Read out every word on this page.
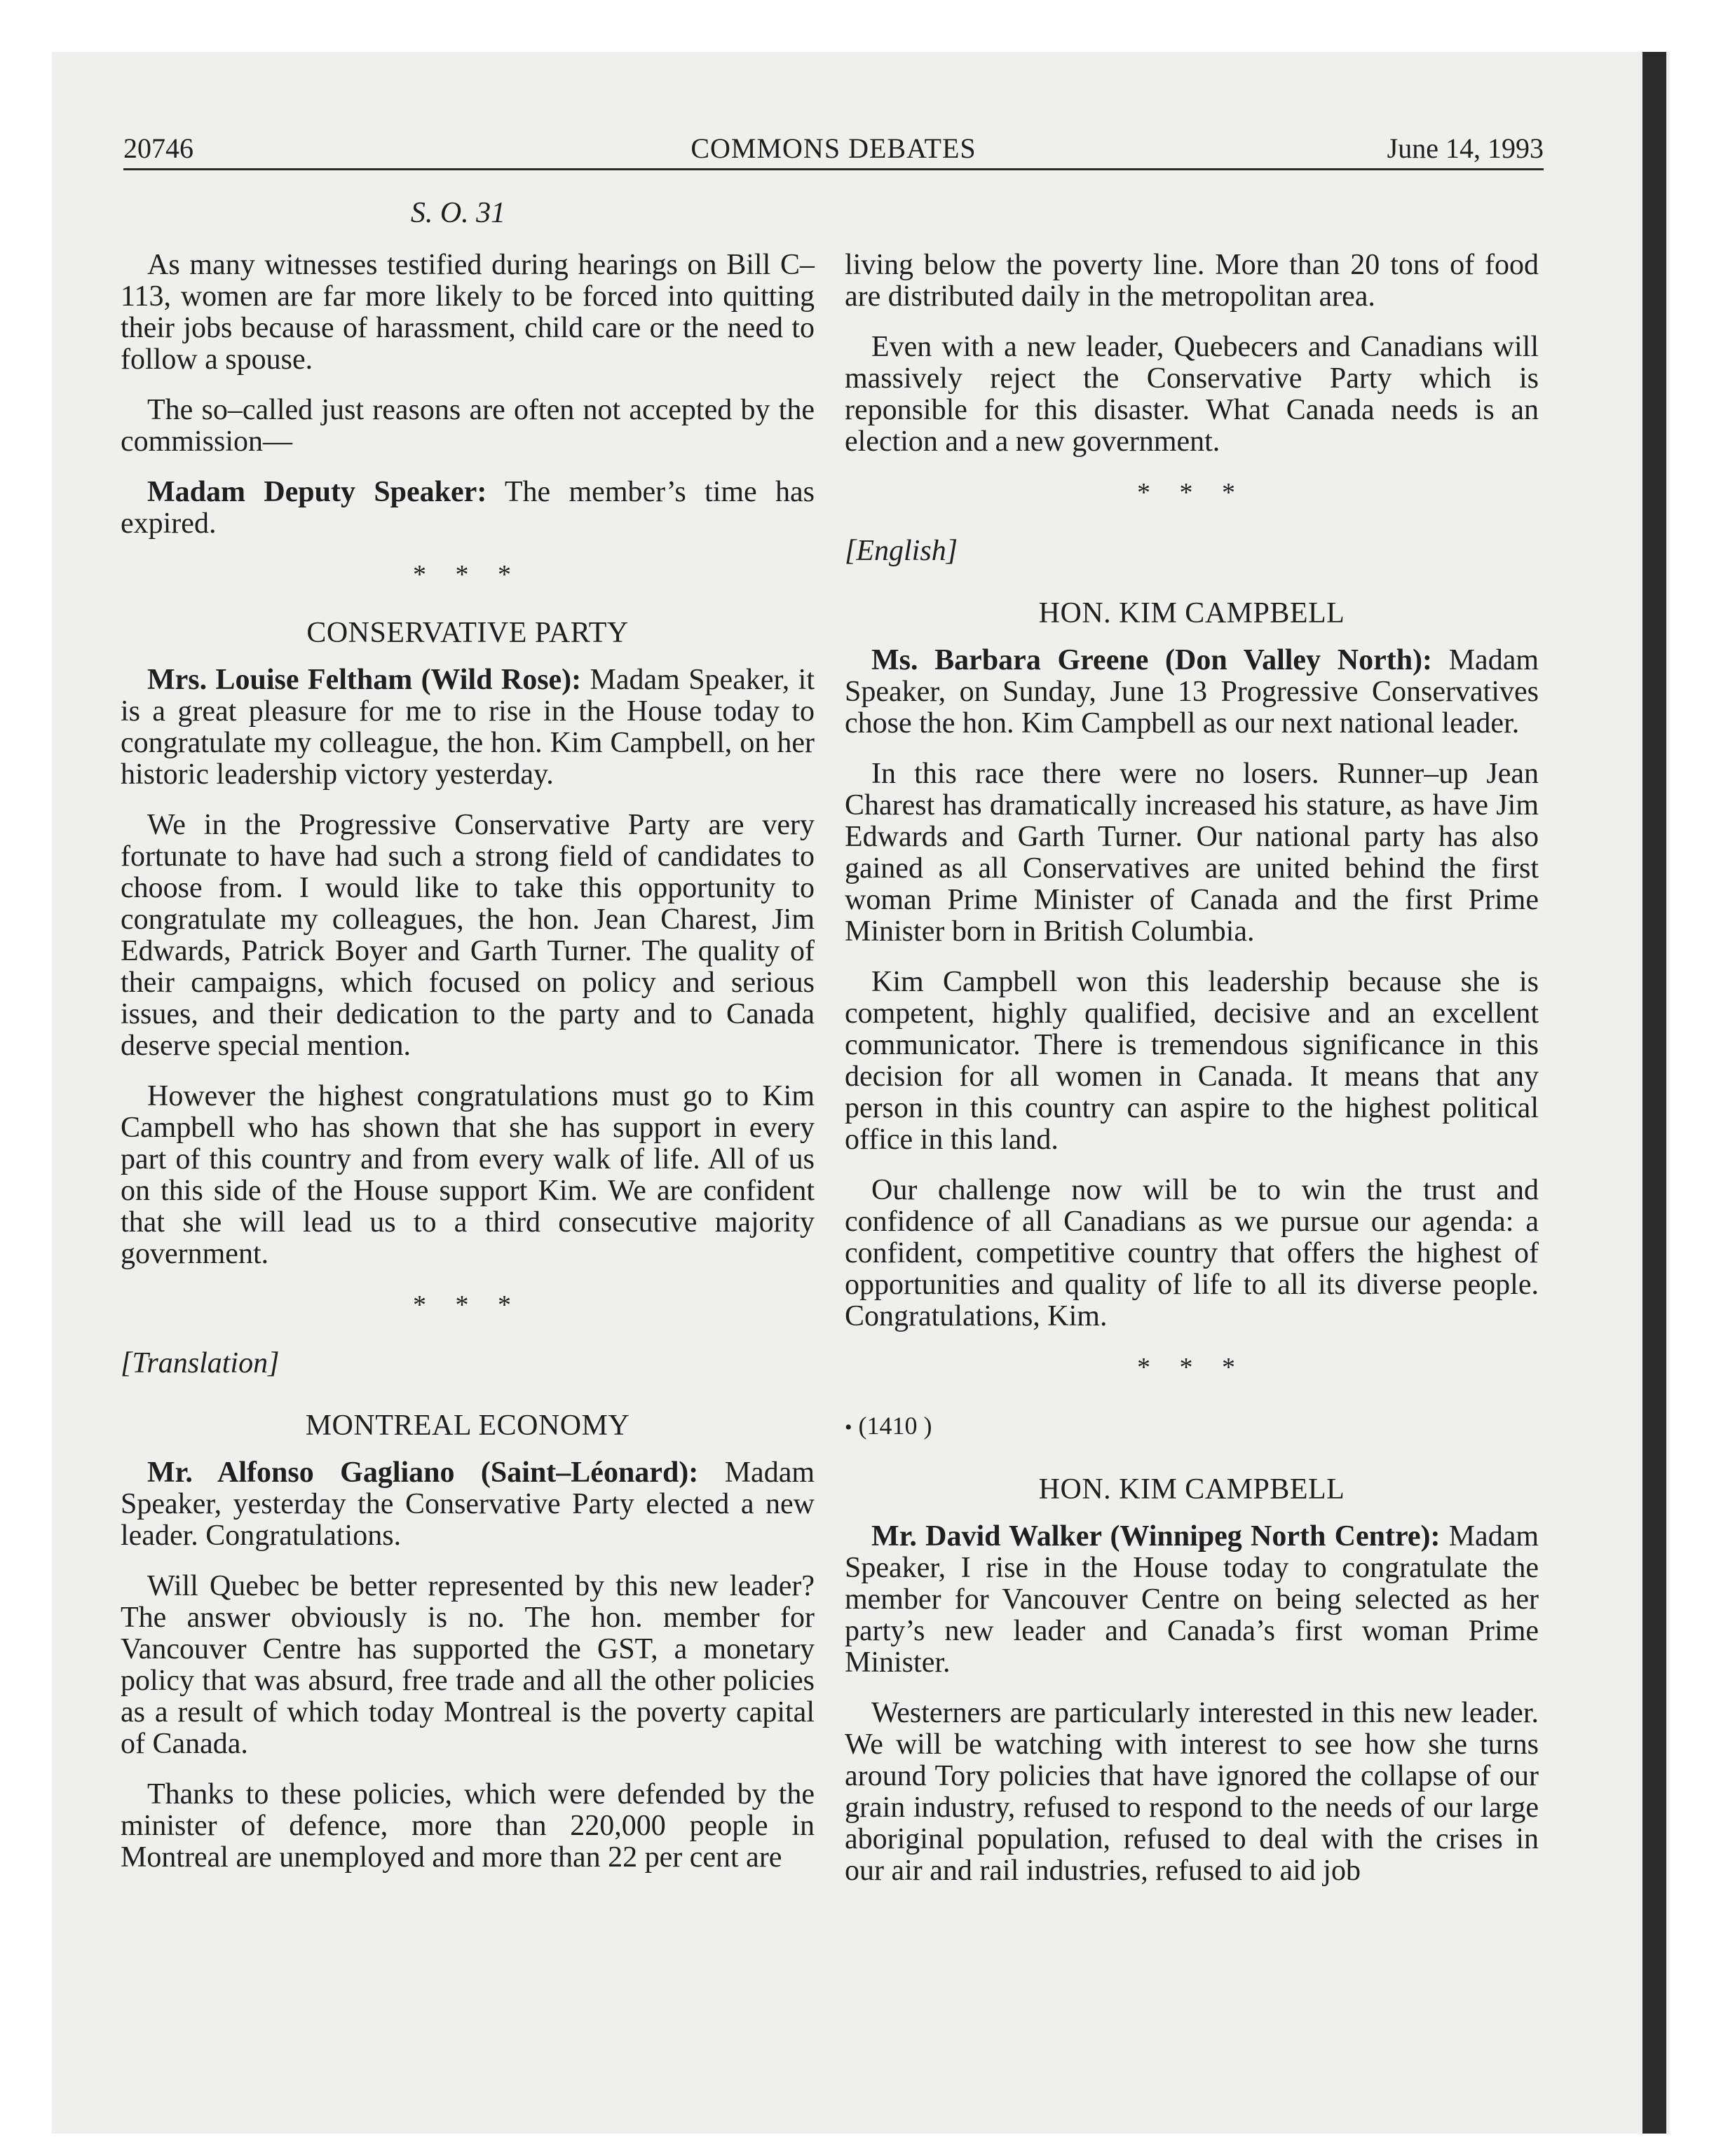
20746	COMMONS DEBATES	June 14, 1993
S. O. 31

As many witnesses testified during hearings on Bill C–113, women are far more likely to be forced into quitting their jobs because of harassment, child care or the need to follow a spouse.

The so–called just reasons are often not accepted by the commission—

Madam Deputy Speaker: The member’s time has expired.

* * *
CONSERVATIVE PARTY

Mrs. Louise Feltham (Wild Rose): Madam Speaker, it is a great pleasure for me to rise in the House today to congratulate my colleague, the hon. Kim Campbell, on her historic leadership victory yesterday.

We in the Progressive Conservative Party are very fortunate to have had such a strong field of candidates to choose from. I would like to take this opportunity to congratulate my colleagues, the hon. Jean Charest, Jim Edwards, Patrick Boyer and Garth Turner. The quality of their campaigns, which focused on policy and serious issues, and their dedication to the party and to Canada deserve special mention.

However the highest congratulations must go to Kim Campbell who has shown that she has support in every part of this country and from every walk of life. All of us on this side of the House support Kim. We are confident that she will lead us to a third consecutive majority government.

* * *
[Translation]
MONTREAL ECONOMY

Mr. Alfonso Gagliano (Saint–Léonard): Madam Speaker, yesterday the Conservative Party elected a new leader. Congratulations.

Will Quebec be better represented by this new leader? The answer obviously is no. The hon. member for Vancouver Centre has supported the GST, a monetary policy that was absurd, free trade and all the other policies as a result of which today Montreal is the poverty capital of Canada.

Thanks to these policies, which were defended by the minister of defence, more than 220,000 people in Montreal are unemployed and more than 22 per cent are

living below the poverty line. More than 20 tons of food are distributed daily in the metropolitan area.

Even with a new leader, Quebecers and Canadians will massively reject the Conservative Party which is reponsible for this disaster. What Canada needs is an election and a new government.

* * *
[English]
HON. KIM CAMPBELL

Ms. Barbara Greene (Don Valley North): Madam Speaker, on Sunday, June 13 Progressive Conservatives chose the hon. Kim Campbell as our next national leader.

In this race there were no losers. Runner–up Jean Charest has dramatically increased his stature, as have Jim Edwards and Garth Turner. Our national party has also gained as all Conservatives are united behind the first woman Prime Minister of Canada and the first Prime Minister born in British Columbia.

Kim Campbell won this leadership because she is competent, highly qualified, decisive and an excellent communicator. There is tremendous significance in this decision for all women in Canada. It means that any person in this country can aspire to the highest political office in this land.

Our challenge now will be to win the trust and confidence of all Canadians as we pursue our agenda: a confident, competitive country that offers the highest of opportunities and quality of life to all its diverse people. Congratulations, Kim.

* * *
• (1410 )
HON. KIM CAMPBELL

Mr. David Walker (Winnipeg North Centre): Madam Speaker, I rise in the House today to congratulate the member for Vancouver Centre on being selected as her party’s new leader and Canada’s first woman Prime Minister.

Westerners are particularly interested in this new leader. We will be watching with interest to see how she turns around Tory policies that have ignored the collapse of our grain industry, refused to respond to the needs of our large aboriginal population, refused to deal with the crises in our air and rail industries, refused to aid job
